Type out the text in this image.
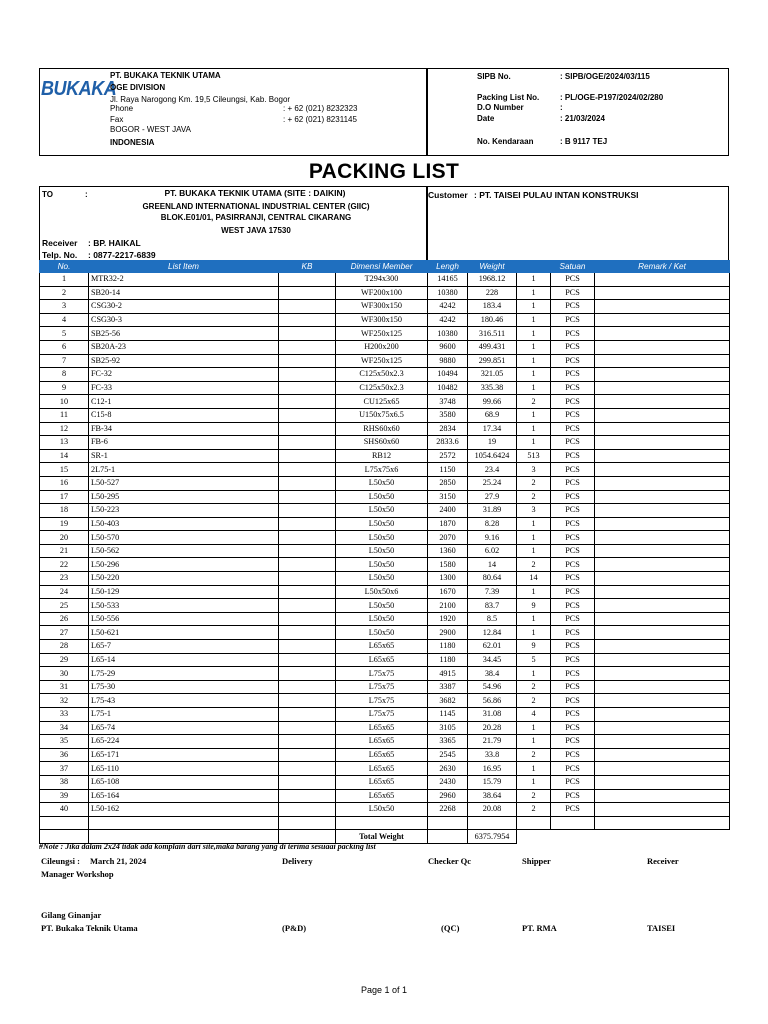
BUKAKA
PT. BUKAKA TEKNIK UTAMA
OGE DIVISION
Jl. Raya Narogong Km. 19,5 Cileungsi, Kab. Bogor
Phone	: + 62 (021) 8232323
Fax	: + 62 (021) 8231145
BOGOR - WEST JAVA
INDONESIA
SIPB No.	: SIPB/OGE/2024/03/115
Packing List No.	: PL/OGE-P197/2024/02/280
D.O Number	:
Date	: 21/03/2024
No. Kendaraan	: B 9117 TEJ
PACKING LIST
TO	:	PT. BUKAKA TEKNIK UTAMA (SITE : DAIKIN)
GREENLAND INTERNATIONAL INDUSTRIAL CENTER (GIIC)
BLOK.E01/01, PASIRRANJI, CENTRAL CIKARANG
WEST JAVA 17530
Receiver : BP. HAIKAL
Telp. No. : 0877-2217-6839
Customer : PT. TAISEI PULAU INTAN KONSTRUKSI
No.	List Item	KB	Dimensi Member	Lengh	Weight		Satuan	Remark / Ket
1	MTR32-2		T294x300	14165	1968.12	1	PCS	
2	SB20-14		WF200x100	10380	228	1	PCS	
3	CSG30-2		WF300x150	4242	183.4	1	PCS	
4	CSG30-3		WF300x150	4242	180.46	1	PCS	
5	SB25-56		WF250x125	10380	316.511	1	PCS	
6	SB20A-23		H200x200	9600	499.431	1	PCS	
7	SB25-92		WF250x125	9880	299.851	1	PCS	
8	FC-32		C125x50x2.3	10494	321.05	1	PCS	
9	FC-33		C125x50x2.3	10482	335.38	1	PCS	
10	C12-1		CU125x65	3748	99.66	2	PCS	
11	C15-8		U150x75x6.5	3580	68.9	1	PCS	
12	FB-34		RHS60x60	2834	17.34	1	PCS	
13	FB-6		SHS60x60	2833.6	19	1	PCS	
14	SR-1		RB12	2572	1054.6424	513	PCS	
15	2L75-1		L75x75x6	1150	23.4	3	PCS	
16	L50-527		L50x50	2850	25.24	2	PCS	
17	L50-295		L50x50	3150	27.9	2	PCS	
18	L50-223		L50x50	2400	31.89	3	PCS	
19	L50-403		L50x50	1870	8.28	1	PCS	
20	L50-570		L50x50	2070	9.16	1	PCS	
21	L50-562		L50x50	1360	6.02	1	PCS	
22	L50-296		L50x50	1580	14	2	PCS	
23	L50-220		L50x50	1300	80.64	14	PCS	
24	L50-129		L50x50x6	1670	7.39	1	PCS	
25	L50-533		L50x50	2100	83.7	9	PCS	
26	L50-556		L50x50	1920	8.5	1	PCS	
27	L50-621		L50x50	2900	12.84	1	PCS	
28	L65-7		L65x65	1180	62.01	9	PCS	
29	L65-14		L65x65	1180	34.45	5	PCS	
30	L75-29		L75x75	4915	38.4	1	PCS	
31	L75-30		L75x75	3387	54.96	2	PCS	
32	L75-43		L75x75	3682	56.86	2	PCS	
33	L75-1		L75x75	1145	31.08	4	PCS	
34	L65-74		L65x65	3105	20.28	1	PCS	
35	L65-224		L65x65	3365	21.79	1	PCS	
36	L65-171		L65x65	2545	33.8	2	PCS	
37	L65-110		L65x65	2630	16.95	1	PCS	
38	L65-108		L65x65	2430	15.79	1	PCS	
39	L65-164		L65x65	2960	38.64	2	PCS	
40	L50-162		L50x50	2268	20.08	2	PCS	

			Total Weight		6375.7954			
#Note : Jika dalam 2x24 tidak ada komplain dari site,maka barang yang di terima sesuaai packing list
Cileungsi : March 21, 2024	Delivery	Checker Qc	Shipper	Receiver
Manager Workshop
Gilang Ginanjar
PT. Bukaka Teknik Utama	(P&D)	(QC)	PT. RMA	TAISEI
Page 1 of 1
